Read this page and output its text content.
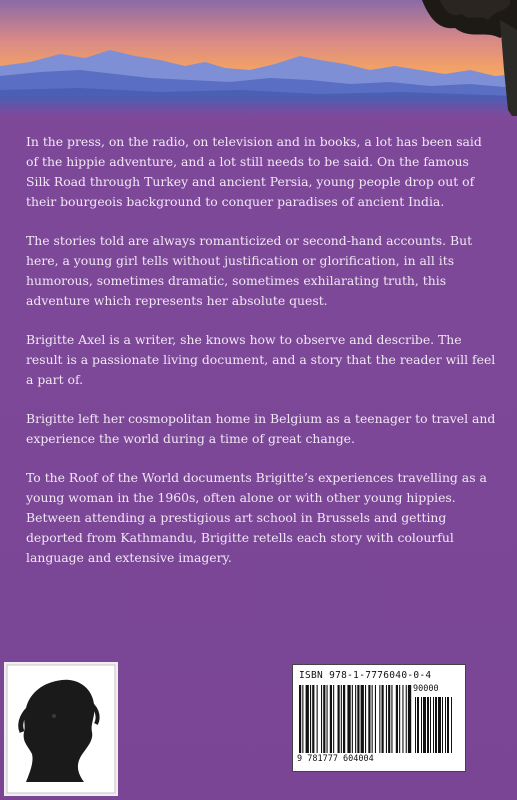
In the press, on the radio, on television and in books, a lot has been said of the hippie adventure, and a lot still needs to be said. On the famous Silk Road through Turkey and ancient Persia, young people drop out of their bourgeois background to conquer paradises of ancient India.

The stories told are always romanticized or second-hand accounts. But here, a young girl tells without justification or glorification, in all its humorous, sometimes dramatic, sometimes exhilarating truth, this adventure which represents her absolute quest.

Brigitte Axel is a writer, she knows how to observe and describe. The result is a passionate living document, and a story that the reader will feel a part of.

Brigitte left her cosmopolitan home in Belgium as a teenager to travel and experience the world during a time of great change.

To the Roof of the World documents Brigitte’s experiences travelling as a young woman in the 1960s, often alone or with other young hippies. Between attending a prestigious art school in Brussels and getting deported from Kathmandu, Brigitte retells each story with colourful language and extensive imagery.

ISBN 978-1-7776040-0-4
90000
9 781777 604004
